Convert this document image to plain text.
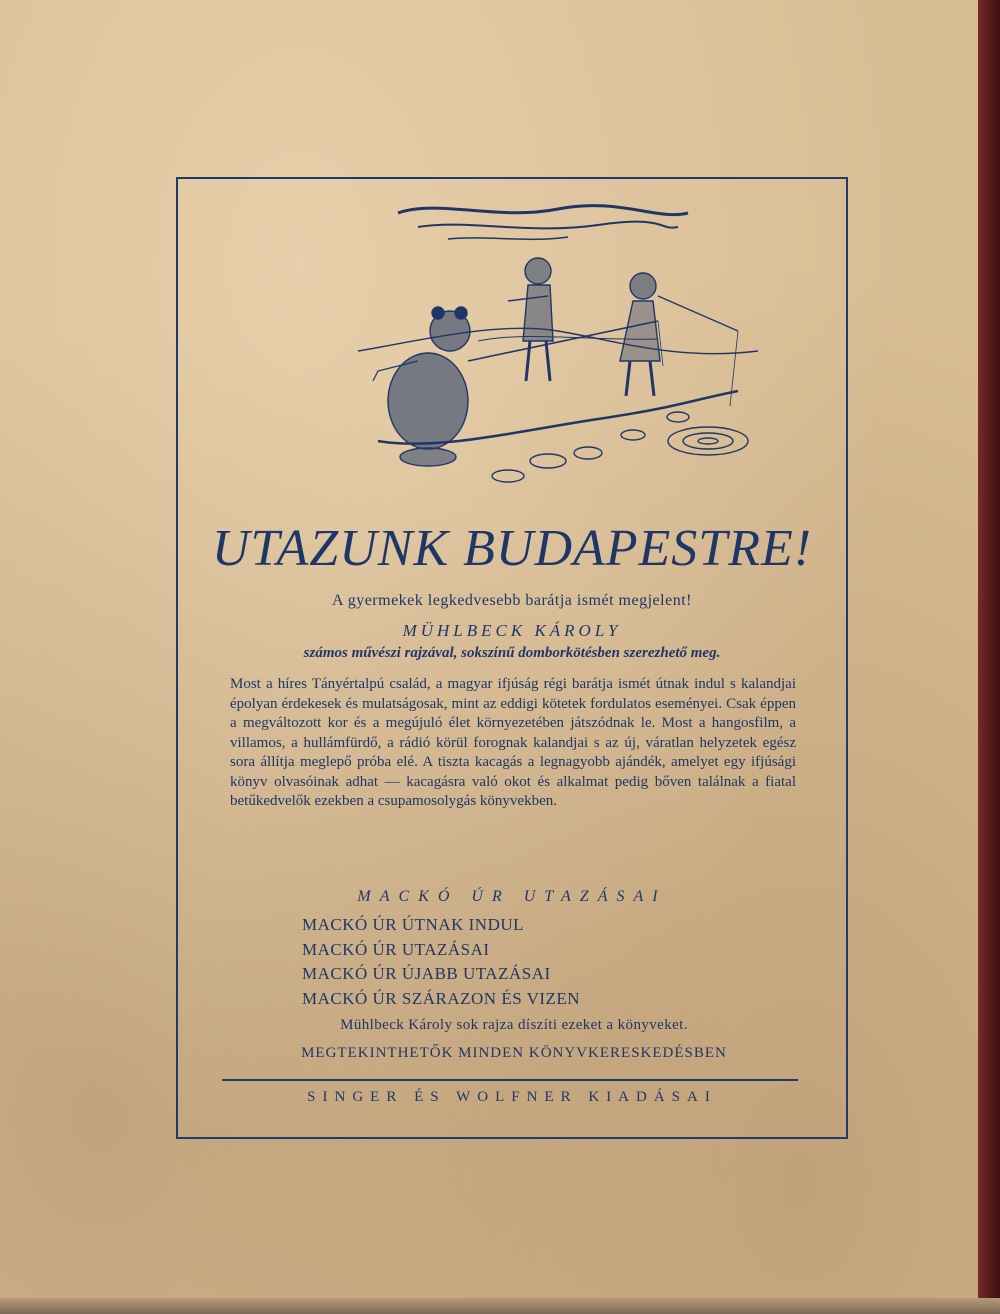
UTAZUNK BUDAPESTRE!
A gyermekek legkedvesebb barátja ismét megjelent!
MÜHLBECK KÁROLY
számos művészi rajzával, sokszínű domborkötésben szerezhető meg.
Most a híres Tányértalpú család, a magyar ifjúság régi barátja ismét útnak indul s kalandjai épolyan érdekesek és mulatságosak, mint az eddigi kötetek fordulatos eseményei. Csak éppen a megváltozott kor és a megújuló élet környezetében játszódnak le. Most a hangosfilm, a villamos, a hullámfürdő, a rádió körül forognak kalandjai s az új, váratlan helyzetek egész sora állítja meglepő próba elé. A tiszta kacagás a legnagyobb ajándék, amelyet egy ifjúsági könyv olvasóinak adhat — kacagásra való okot és alkalmat pedig bőven találnak a fiatal betűkedvelők ezekben a csupamosolygás könyvekben.
MACKÓ ÚR UTAZÁSAI
MACKÓ ÚR ÚTNAK INDUL
MACKÓ ÚR UTAZÁSAI
MACKÓ ÚR ÚJABB UTAZÁSAI
MACKÓ ÚR SZÁRAZON ÉS VIZEN
Mühlbeck Károly sok rajza díszíti ezeket a könyveket.
MEGTEKINTHETŐK MINDEN KÖNYVKERESKEDÉSBEN
SINGER ÉS WOLFNER KIADÁSAI
